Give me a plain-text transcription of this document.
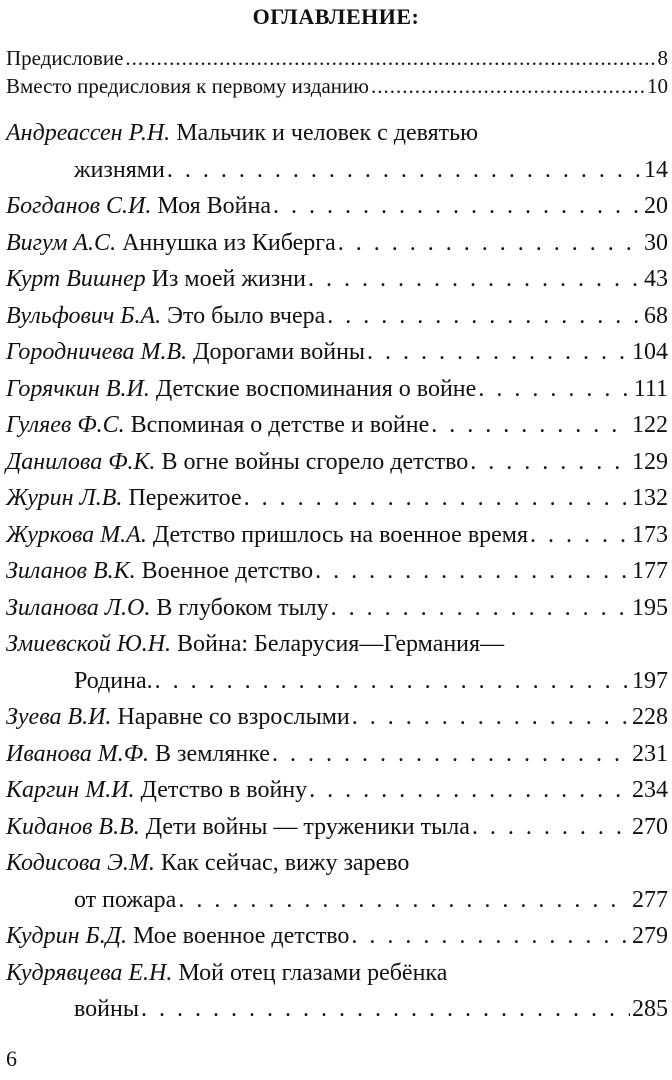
ОГЛАВЛЕНИЕ:
Предисловие .....	8
Вместо предисловия к первому изданию .....	10
Андреассен Р.Н. Мальчик и человек с девятью
жизнями . . .	14
Богданов С.И. Моя Война . . .	20
Вигум А.С. Аннушка из Киберга . . .	30
Курт Вишнер Из моей жизни . . .	43
Вульфович Б.А. Это было вчера . . .	68
Городничева М.В. Дорогами войны . . .	104
Горячкин В.И. Детские воспоминания о войне . . .	111
Гуляев Ф.С. Вспоминая о детстве и войне . . .	122
Данилова Ф.К. В огне войны сгорело детство . . .	129
Журин Л.В. Пережитое . . .	132
Журкова М.А. Детство пришлось на военное время . . .	173
Зиланов В.К. Военное детство . . .	177
Зиланова Л.О. В глубоком тылу . . .	195
Змиевской Ю.Н. Война: Беларусия—Германия—
Родина. . . .	197
Зуева В.И. Наравне со взрослыми . . .	228
Иванова М.Ф. В землянке . . .	231
Каргин М.И. Детство в войну . . .	234
Киданов В.В. Дети войны — труженики тыла . . .	270
Кодисова Э.М. Как сейчас, вижу зарево
от пожара . . .	277
Кудрин Б.Д. Мое военное детство . . .	279
Кудрявцева Е.Н. Мой отец глазами ребёнка
войны . . .	285
6
